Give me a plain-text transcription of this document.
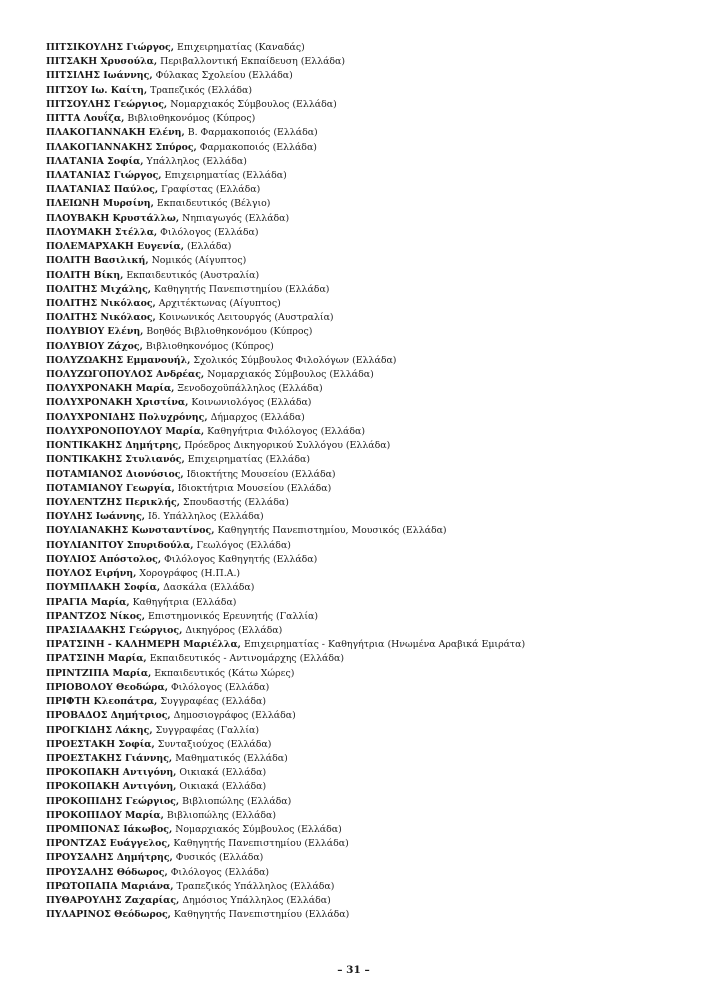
ΠΙΤΣΙΚΟΥΛΗΣ Γιώργος, Επιχειρηματίας (Καναδάς)
ΠΙΤΣΑΚΗ Χρυσούλα, Περιβαλλοντική Εκπαίδευση (Ελλάδα)
ΠΙΤΣΙΛΗΣ Ιωάννης, Φύλακας Σχολείου (Ελλάδα)
ΠΙΤΣΟΥ Ιω. Καίτη, Τραπεζικός (Ελλάδα)
ΠΙΤΣΟΥΛΗΣ Γεώργιος, Νομαρχιακός Σύμβουλος (Ελλάδα)
ΠΙΤΤΑ Λουΐζα, Βιβλιοθηκονόμος (Κύπρος)
ΠΛΑΚΟΓΙΑΝΝΑΚΗ Ελένη, Β. Φαρμακοποιός (Ελλάδα)
ΠΛΑΚΟΓΙΑΝΝΑΚΗΣ Σπύρος, Φαρμακοποιός (Ελλάδα)
ΠΛΑΤΑΝΙΑ Σοφία, Υπάλληλος (Ελλάδα)
ΠΛΑΤΑΝΙΑΣ Γιώργος, Επιχειρηματίας (Ελλάδα)
ΠΛΑΤΑΝΙΑΣ Παύλος, Γραφίστας (Ελλάδα)
ΠΛΕΙΩΝΗ Μυρσίνη, Εκπαιδευτικός (Βέλγιο)
ΠΛΟΥΒΑΚΗ Κρυστάλλω, Νηπιαγωγός (Ελλάδα)
ΠΛΟΥΜΑΚΗ Στέλλα, Φιλόλογος (Ελλάδα)
ΠΟΛΕΜΑΡΧΑΚΗ Ευγενία, (Ελλάδα)
ΠΟΛΙΤΗ Βασιλική, Νομικός (Αίγυπτος)
ΠΟΛΙΤΗ Βίκη, Εκπαιδευτικός (Αυστραλία)
ΠΟΛΙΤΗΣ Μιχάλης, Καθηγητής Πανεπιστημίου (Ελλάδα)
ΠΟΛΙΤΗΣ Νικόλαος, Αρχιτέκτωνας (Αίγυπτος)
ΠΟΛΙΤΗΣ Νικόλαος, Κοινωνικός Λειτουργός (Αυστραλία)
ΠΟΛΥΒΙΟΥ Ελένη, Βοηθός Βιβλιοθηκονόμου (Κύπρος)
ΠΟΛΥΒΙΟΥ Ζάχος, Βιβλιοθηκονόμος (Κύπρος)
ΠΟΛΥΖΩΑΚΗΣ Εμμανουήλ, Σχολικός Σύμβουλος Φιλολόγων (Ελλάδα)
ΠΟΛΥΖΩΓΟΠΟΥΛΟΣ Ανδρέας, Νομαρχιακός Σύμβουλος (Ελλάδα)
ΠΟΛΥΧΡΟΝΑΚΗ Μαρία, Ξενοδοχοϋπάλληλος (Ελλάδα)
ΠΟΛΥΧΡΟΝΑΚΗ Χριστίνα, Κοινωνιολόγος (Ελλάδα)
ΠΟΛΥΧΡΟΝΙΔΗΣ Πολυχρόνης, Δήμαρχος (Ελλάδα)
ΠΟΛΥΧΡΟΝΟΠΟΥΛΟΥ Μαρία, Καθηγήτρια Φιλόλογος (Ελλάδα)
ΠΟΝΤΙΚΑΚΗΣ Δημήτρης, Πρόεδρος Δικηγορικού Συλλόγου (Ελλάδα)
ΠΟΝΤΙΚΑΚΗΣ Στυλιανός, Επιχειρηματίας (Ελλάδα)
ΠΟΤΑΜΙΑΝΟΣ Διονύσιος, Ιδιοκτήτης Μουσείου (Ελλάδα)
ΠΟΤΑΜΙΑΝΟΥ Γεωργία, Ιδιοκτήτρια Μουσείου (Ελλάδα)
ΠΟΥΛΕΝΤΖΗΣ Περικλής, Σπουδαστής (Ελλάδα)
ΠΟΥΛΗΣ Ιωάννης, Ιδ. Υπάλληλος (Ελλάδα)
ΠΟΥΛΙΑΝΑΚΗΣ Κωνσταντίνος, Καθηγητής Πανεπιστημίου, Μουσικός (Ελλάδα)
ΠΟΥΛΙΑΝΙΤΟΥ Σπυριδούλα, Γεωλόγος (Ελλάδα)
ΠΟΥΛΙΟΣ Απόστολος, Φιλόλογος Καθηγητής (Ελλάδα)
ΠΟΥΛΟΣ Ειρήνη, Χορογράφος (Η.Π.Α.)
ΠΟΥΜΠΛΑΚΗ Σοφία, Δασκάλα (Ελλάδα)
ΠΡΑΓΙΑ Μαρία, Καθηγήτρια (Ελλάδα)
ΠΡΑΝΤΖΟΣ Νίκος, Επιστημονικός Ερευνητής (Γαλλία)
ΠΡΑΣΙΑΔΑΚΗΣ Γεώργιος, Δικηγόρος (Ελλάδα)
ΠΡΑΤΣΙΝΗ - ΚΑΛΗΜΕΡΗ Μαριέλλα, Επιχειρηματίας - Καθηγήτρια (Ηνωμένα Αραβικά Εμιράτα)
ΠΡΑΤΣΙΝΗ Μαρία, Εκπαιδευτικός - Αντινομάρχης (Ελλάδα)
ΠΡΙΝΤΖΙΠΑ Μαρία, Εκπαιδευτικός (Κάτω Χώρες)
ΠΡΙΟΒΟΛΟΥ Θεοδώρα, Φιλόλογος (Ελλάδα)
ΠΡΙΦΤΗ Κλεοπάτρα, Συγγραφέας (Ελλάδα)
ΠΡΟΒΑΔΟΣ Δημήτριος, Δημοσιογράφος (Ελλάδα)
ΠΡΟΓΚΙΔΗΣ Λάκης, Συγγραφέας (Γαλλία)
ΠΡΟΕΣΤΑΚΗ Σοφία, Συνταξιούχος (Ελλάδα)
ΠΡΟΕΣΤΑΚΗΣ Γιάννης, Μαθηματικός (Ελλάδα)
ΠΡΟΚΟΠΑΚΗ Αντιγόνη, Οικιακά (Ελλάδα)
ΠΡΟΚΟΠΑΚΗ Αντιγόνη, Οικιακά (Ελλάδα)
ΠΡΟΚΟΠΙΔΗΣ Γεώργιος, Βιβλιοπώλης (Ελλάδα)
ΠΡΟΚΟΠΙΔΟΥ Μαρία, Βιβλιοπώλης (Ελλάδα)
ΠΡΟΜΠΟΝΑΣ Ιάκωβος, Νομαρχιακός Σύμβουλος (Ελλάδα)
ΠΡΟΝΤΖΑΣ Ευάγγελος, Καθηγητής Πανεπιστημίου (Ελλάδα)
ΠΡΟΥΣΑΛΗΣ Δημήτρης, Φυσικός (Ελλάδα)
ΠΡΟΥΣΑΛΗΣ Θόδωρος, Φιλόλογος (Ελλάδα)
ΠΡΩΤΟΠΑΠΑ Μαριάνα, Τραπεζικός Υπάλληλος (Ελλάδα)
ΠΥΘΑΡΟΥΛΗΣ Ζαχαρίας, Δημόσιος Υπάλληλος (Ελλάδα)
ΠΥΛΑΡΙΝΟΣ Θεόδωρος, Καθηγητής Πανεπιστημίου (Ελλάδα)
– 31 –
